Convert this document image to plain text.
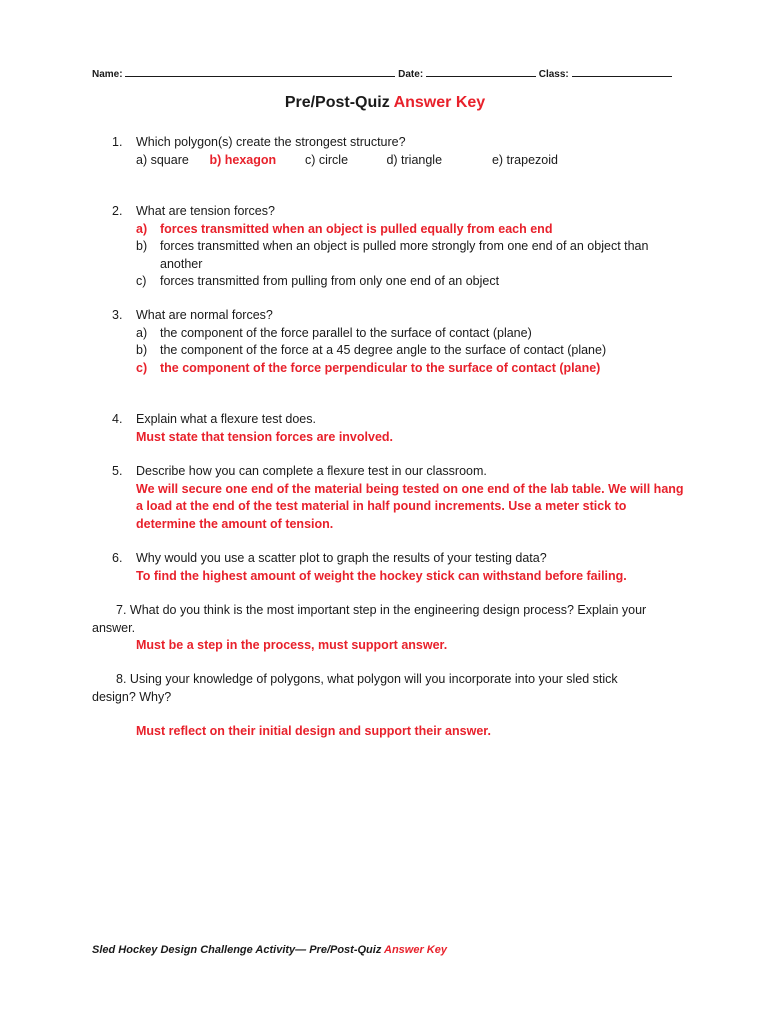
Name:	Date:	Class:
Pre/Post-Quiz Answer Key
1. Which polygon(s) create the strongest structure?
a) square b) hexagon c) circle	d) triangle	e) trapezoid
2. What are tension forces?
a) forces transmitted when an object is pulled equally from each end
b) forces transmitted when an object is pulled more strongly from one end of an object than another
c) forces transmitted from pulling from only one end of an object
3. What are normal forces?
a) the component of the force parallel to the surface of contact (plane)
b) the component of the force at a 45 degree angle to the surface of contact (plane)
c) the component of the force perpendicular to the surface of contact (plane)
4. Explain what a flexure test does.
Must state that tension forces are involved.
5. Describe how you can complete a flexure test in our classroom.
We will secure one end of the material being tested on one end of the lab table. We will hang a load at the end of the test material in half pound increments. Use a meter stick to determine the amount of tension.
6. Why would you use a scatter plot to graph the results of your testing data?
To find the highest amount of weight the hockey stick can withstand before failing.
7. What do you think is the most important step in the engineering design process? Explain your answer.
Must be a step in the process, must support answer.
8. Using your knowledge of polygons, what polygon will you incorporate into your sled stick design? Why?
Must reflect on their initial design and support their answer.
Sled Hockey Design Challenge Activity— Pre/Post-Quiz Answer Key
